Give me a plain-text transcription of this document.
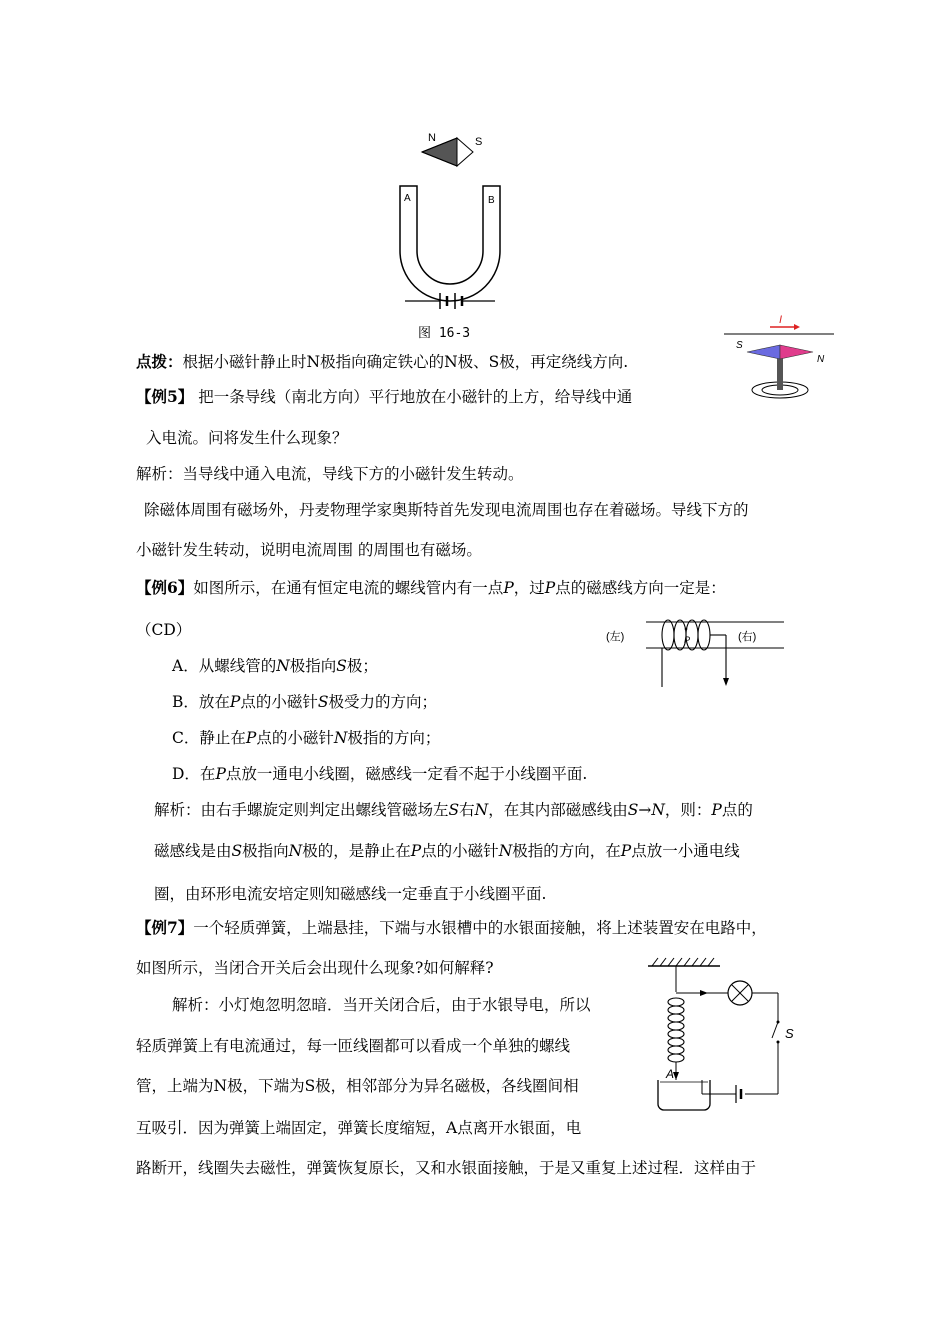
N	S
A	B
图 16-3
I
S
N
点拨：根据小磁针静止时N极指向确定铁心的N极、S极，再定绕线方向.
【例5】 把一条导线（南北方向）平行地放在小磁针的上方，给导线中通
入电流。问将发生什么现象？
解析：当导线中通入电流，导线下方的小磁针发生转动。
除磁体周围有磁场外，丹麦物理学家奥斯特首先发现电流周围也存在着磁场。导线下方的
小磁针发生转动，说明电流周围 的周围也有磁场。
【例6】如图所示，在通有恒定电流的螺线管内有一点P，过P点的磁感线方向一定是：
（CD）	(左)	(右)
P
A．从螺线管的N极指向S极；
B．放在P点的小磁针S极受力的方向；
C．静止在P点的小磁针N极指的方向；
D．在P点放一通电小线圈，磁感线一定看不起于小线圈平面.
解析：由右手螺旋定则判定出螺线管磁场左S右N，在其内部磁感线由S→N，则：P点的
磁感线是由S极指向N极的，是静止在P点的小磁针N极指的方向，在P点放一小通电线
圈，由环形电流安培定则知磁感线一定垂直于小线圈平面.
【例7】一个轻质弹簧，上端悬挂，下端与水银槽中的水银面接触，将上述装置安在电路中，
如图所示，当闭合开关后会出现什么现象?如何解释?
S
A
解析：小灯炮忽明忽暗．当开关闭合后，由于水银导电，所以
轻质弹簧上有电流通过，每一匝线圈都可以看成一个单独的螺线
管，上端为N极，下端为S极，相邻部分为异名磁极，各线圈间相
互吸引．因为弹簧上端固定，弹簧长度缩短，A点离开水银面，电
路断开，线圈失去磁性，弹簧恢复原长，又和水银面接触，于是又重复上述过程．这样由于
